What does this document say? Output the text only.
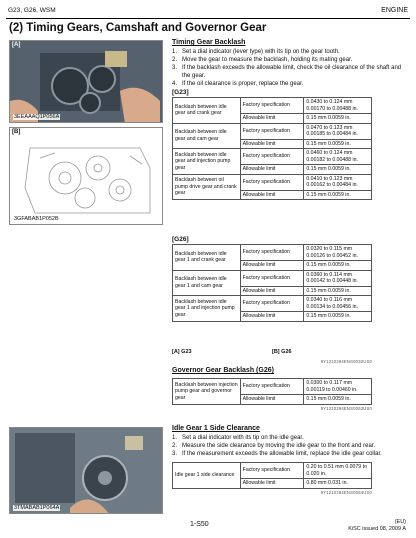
G23, G26, WSM	ENGINE
(2) Timing Gears, Camshaft and Governor Gear
[A]
3EEAAAQ1P056A
[B]
3GFABAB1P052B
3TMABAB1P064A
Timing Gear Backlash
1. Set a dial indicator (lever type) with its tip on the gear tooth.
2. Move the gear to measure the backlash, holding its mating gear.
3. If the backlash exceeds the allowable limit, check the oil clearance of the shaft and the gear.
4. If the oil clearance is proper, replace the gear.
[G23]
Backlash between idle gear and crank gear	Factory specification	0.0430 to 0.124 mm 0.00170 to 0.00488 in.
	Allowable limit	0.15 mm 0.0059 in.
Backlash between idle gear and cam gear	Factory specification	0.0470 to 0.123 mm 0.00185 to 0.00484 in.
	Allowable limit	0.15 mm 0.0059 in.
Backlash between idle gear and injection pump gear	Factory specification	0.0460 to 0.124 mm 0.00182 to 0.00488 in.
	Allowable limit	0.15 mm 0.0059 in.
Backlash between oil pump drive gear and crank gear	Factory specification	0.0410 to 0.123 mm 0.00162 to 0.00484 in.
	Allowable limit	0.15 mm 0.0059 in.
[G26]
Backlash between idle gear 1 and crank gear	Factory specification	0.0320 to 0.115 mm 0.00126 to 0.00452 in.
	Allowable limit	0.15 mm 0.0059 in.
Backlash between idle gear 1 and cam gear	Factory specification	0.0360 to 0.114 mm 0.00142 to 0.00448 in.
	Allowable limit	0.15 mm 0.0059 in.
Backlash between idle gear 1 and injection pump gear	Factory specification	0.0340 to 0.116 mm 0.00134 to 0.00456 in.
	Allowable limit	0.15 mm 0.0059 in.
[A] G23	[B] G26
9Y1210294ENS0032US0
Governor Gear Backlash (G26)
Backlash between injection pump gear and governor gear	Factory specification	0.0300 to 0.117 mm 0.00119 to 0.00460 in.
	Allowable limit	0.15 mm 0.0059 in.
9Y1210294ENS0063US0
Idle Gear 1 Side Clearance
1. Set a dial indicator with its tip on the idle gear.
2. Measure the side clearance by moving the idle gear to the front and rear.
3. If the measurement exceeds the allowable limit, replace the idle gear collar.
Idle gear 1 side clearance	Factory specification	0.20 to 0.51 mm 0.0079 to 0.020 in.
	Allowable limit	0.80 mm 0.031 in.
9Y1210294ENS0064US0
1-S50	(EU)
KiSC issued 08, 2009 A
